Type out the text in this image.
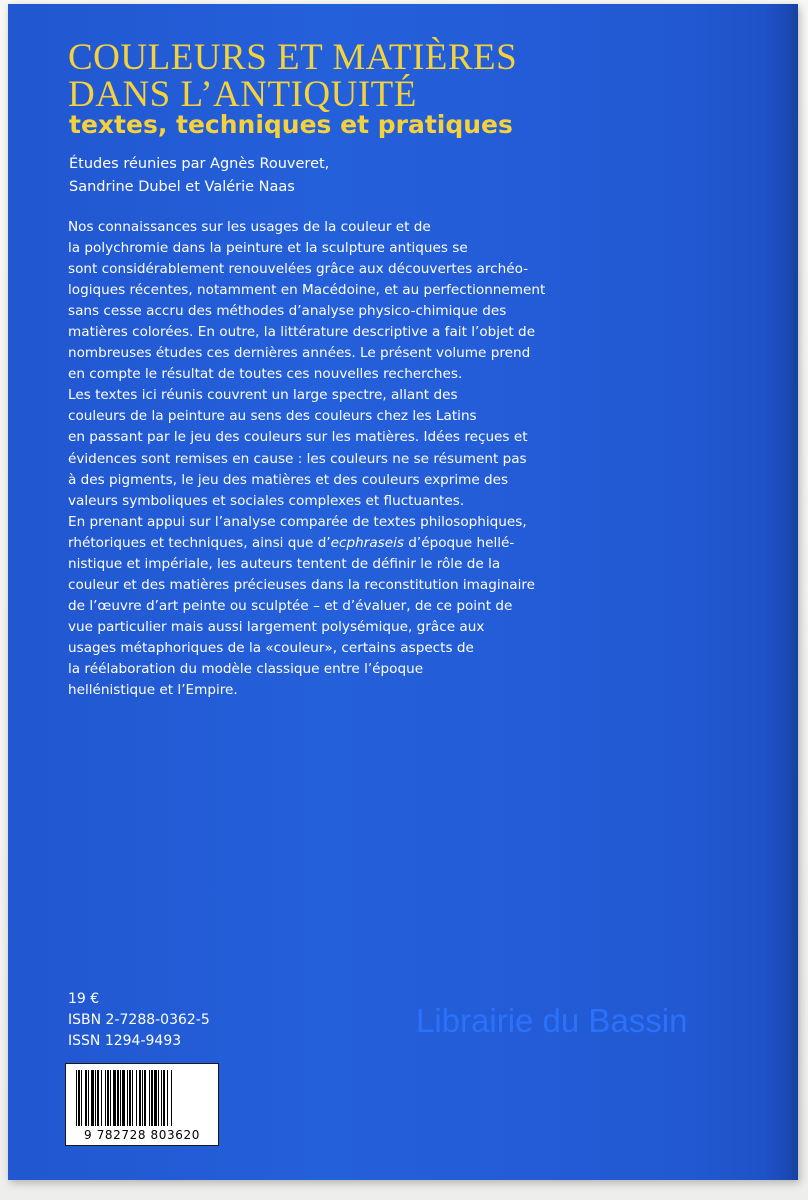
COULEURS ET MATIÈRES
DANS L’ANTIQUITÉ
textes, techniques et pratiques
Études réunies par Agnès Rouveret,
Sandrine Dubel et Valérie Naas
Nos connaissances sur les usages de la couleur et de
la polychromie dans la peinture et la sculpture antiques se
sont considérablement renouvelées grâce aux découvertes archéo-
logiques récentes, notamment en Macédoine, et au perfectionnement
sans cesse accru des méthodes d’analyse physico-chimique des
matières colorées. En outre, la littérature descriptive a fait l’objet de
nombreuses études ces dernières années. Le présent volume prend
en compte le résultat de toutes ces nouvelles recherches.
Les textes ici réunis couvrent un large spectre, allant des
couleurs de la peinture au sens des couleurs chez les Latins
en passant par le jeu des couleurs sur les matières. Idées reçues et
évidences sont remises en cause : les couleurs ne se résument pas
à des pigments, le jeu des matières et des couleurs exprime des
valeurs symboliques et sociales complexes et fluctuantes.
En prenant appui sur l’analyse comparée de textes philosophiques,
rhétoriques et techniques, ainsi que d’ecphraseis d’époque hellé-
nistique et impériale, les auteurs tentent de définir le rôle de la
couleur et des matières précieuses dans la reconstitution imaginaire
de l’œuvre d’art peinte ou sculptée – et d’évaluer, de ce point de
vue particulier mais aussi largement polysémique, grâce aux
usages métaphoriques de la «couleur», certains aspects de
la réélaboration du modèle classique entre l’époque
hellénistique et l’Empire.
19 €
ISBN 2-7288-0362-5
ISSN 1294-9493
Librairie du Bassin
9 782728 803620
